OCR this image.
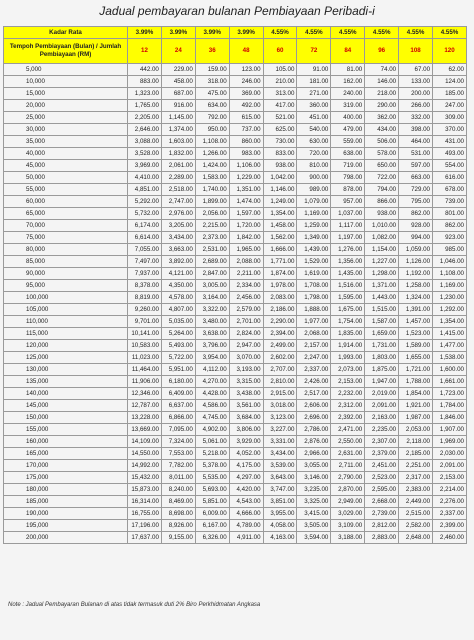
Jadual pembayaran bulanan Pembiayaan Peribadi-i
Kadar Rata	3.99%	3.99%	3.99%	3.99%	4.55%	4.55%	4.55%	4.55%	4.55%	4.55%
Tempoh Pembiayaan (Bulan) / Jumlah Pembiayaan (RM)	12	24	36	48	60	72	84	96	108	120
5,000	442.00	229.00	159.00	123.00	105.00	91.00	81.00	74.00	67.00	62.00
10,000	883.00	458.00	318.00	246.00	210.00	181.00	162.00	146.00	133.00	124.00
15,000	1,323.00	687.00	475.00	369.00	313.00	271.00	240.00	218.00	200.00	185.00
20,000	1,765.00	916.00	634.00	492.00	417.00	360.00	319.00	290.00	266.00	247.00
25,000	2,205.00	1,145.00	792.00	615.00	521.00	451.00	400.00	362.00	332.00	309.00
30,000	2,646.00	1,374.00	950.00	737.00	625.00	540.00	479.00	434.00	398.00	370.00
35,000	3,088.00	1,603.00	1,108.00	860.00	730.00	630.00	559.00	506.00	464.00	431.00
40,000	3,528.00	1,832.00	1,266.00	983.00	833.00	720.00	638.00	578.00	531.00	493.00
45,000	3,969.00	2,061.00	1,424.00	1,106.00	938.00	810.00	719.00	650.00	597.00	554.00
50,000	4,410.00	2,289.00	1,583.00	1,229.00	1,042.00	900.00	798.00	722.00	663.00	616.00
55,000	4,851.00	2,518.00	1,740.00	1,351.00	1,146.00	989.00	878.00	794.00	729.00	678.00
60,000	5,292.00	2,747.00	1,899.00	1,474.00	1,249.00	1,079.00	957.00	866.00	795.00	739.00
65,000	5,732.00	2,976.00	2,056.00	1,597.00	1,354.00	1,169.00	1,037.00	938.00	862.00	801.00
70,000	6,174.00	3,205.00	2,215.00	1,720.00	1,458.00	1,259.00	1,117.00	1,010.00	928.00	862.00
75,000	6,614.00	3,434.00	2,373.00	1,842.00	1,562.00	1,349.00	1,197.00	1,082.00	994.00	923.00
80,000	7,055.00	3,663.00	2,531.00	1,965.00	1,666.00	1,439.00	1,276.00	1,154.00	1,059.00	985.00
85,000	7,497.00	3,892.00	2,689.00	2,088.00	1,771.00	1,529.00	1,356.00	1,227.00	1,126.00	1,046.00
90,000	7,937.00	4,121.00	2,847.00	2,211.00	1,874.00	1,619.00	1,435.00	1,298.00	1,192.00	1,108.00
95,000	8,378.00	4,350.00	3,005.00	2,334.00	1,978.00	1,708.00	1,516.00	1,371.00	1,258.00	1,169.00
100,000	8,819.00	4,578.00	3,164.00	2,456.00	2,083.00	1,798.00	1,595.00	1,443.00	1,324.00	1,230.00
105,000	9,260.00	4,807.00	3,322.00	2,579.00	2,186.00	1,888.00	1,675.00	1,515.00	1,391.00	1,292.00
110,000	9,701.00	5,035.00	3,480.00	2,701.00	2,290.00	1,977.00	1,754.00	1,587.00	1,457.00	1,354.00
115,000	10,141.00	5,264.00	3,638.00	2,824.00	2,394.00	2,068.00	1,835.00	1,659.00	1,523.00	1,415.00
120,000	10,583.00	5,493.00	3,796.00	2,947.00	2,499.00	2,157.00	1,914.00	1,731.00	1,589.00	1,477.00
125,000	11,023.00	5,722.00	3,954.00	3,070.00	2,602.00	2,247.00	1,993.00	1,803.00	1,655.00	1,538.00
130,000	11,464.00	5,951.00	4,112.00	3,193.00	2,707.00	2,337.00	2,073.00	1,875.00	1,721.00	1,600.00
135,000	11,906.00	6,180.00	4,270.00	3,315.00	2,810.00	2,426.00	2,153.00	1,947.00	1,788.00	1,661.00
140,000	12,346.00	6,409.00	4,428.00	3,438.00	2,915.00	2,517.00	2,232.00	2,019.00	1,854.00	1,723.00
145,000	12,787.00	6,637.00	4,586.00	3,561.00	3,018.00	2,606.00	2,312.00	2,091.00	1,921.00	1,784.00
150,000	13,228.00	6,866.00	4,745.00	3,684.00	3,123.00	2,696.00	2,392.00	2,163.00	1,987.00	1,846.00
155,000	13,669.00	7,095.00	4,902.00	3,806.00	3,227.00	2,786.00	2,471.00	2,235.00	2,053.00	1,907.00
160,000	14,109.00	7,324.00	5,061.00	3,929.00	3,331.00	2,876.00	2,550.00	2,307.00	2,118.00	1,969.00
165,000	14,550.00	7,553.00	5,218.00	4,052.00	3,434.00	2,966.00	2,631.00	2,379.00	2,185.00	2,030.00
170,000	14,992.00	7,782.00	5,378.00	4,175.00	3,539.00	3,055.00	2,711.00	2,451.00	2,251.00	2,091.00
175,000	15,432.00	8,011.00	5,535.00	4,297.00	3,643.00	3,146.00	2,790.00	2,523.00	2,317.00	2,153.00
180,000	15,873.00	8,240.00	5,693.00	4,420.00	3,747.00	3,235.00	2,870.00	2,595.00	2,383.00	2,214.00
185,000	16,314.00	8,469.00	5,851.00	4,543.00	3,851.00	3,325.00	2,949.00	2,668.00	2,449.00	2,276.00
190,000	16,755.00	8,698.00	6,009.00	4,666.00	3,955.00	3,415.00	3,029.00	2,739.00	2,515.00	2,337.00
195,000	17,196.00	8,926.00	6,167.00	4,789.00	4,058.00	3,505.00	3,109.00	2,812.00	2,582.00	2,399.00
200,000	17,637.00	9,155.00	6,326.00	4,911.00	4,163.00	3,594.00	3,188.00	2,883.00	2,648.00	2,460.00
Note : Jadual Pembayaran Bulanan di atas tidak termasuk duti 2% Biro Perkhidmatan Angkasa
